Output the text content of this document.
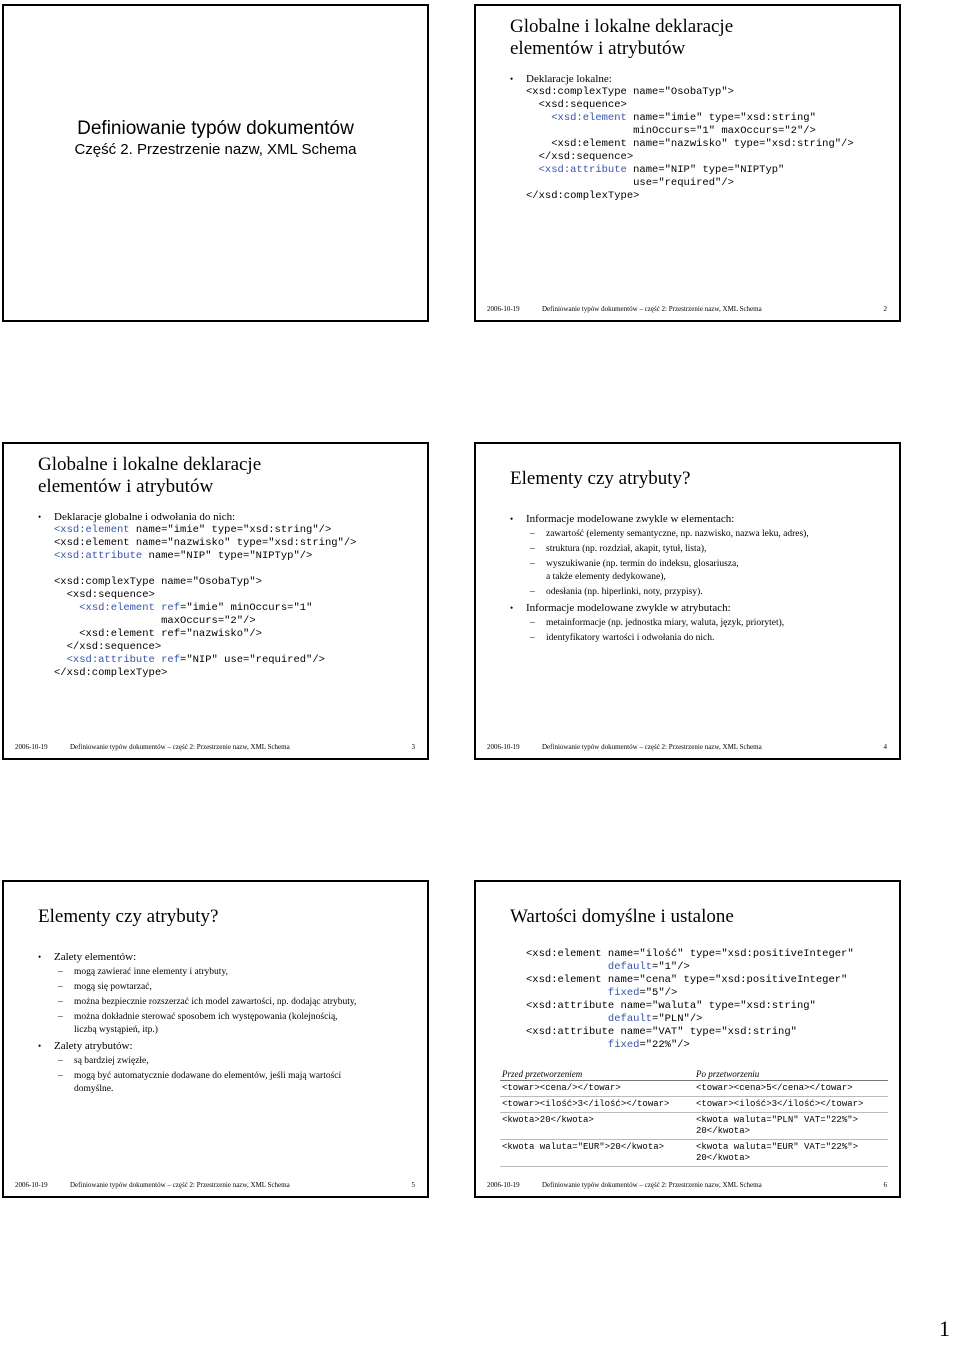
Definiowanie typów dokumentów
Część 2. Przestrzenie nazw, XML Schema
Globalne i lokalne deklaracje
elementów i atrybutów
• Deklaracje lokalne:
<xsd:complexType name="OsobaTyp">
<xsd:sequence>
<xsd:element name="imie" type="xsd:string"
minOccurs="1" maxOccurs="2"/>
<xsd:element name="nazwisko" type="xsd:string"/>
</xsd:sequence>
<xsd:attribute name="NIP" type="NIPTyp"
use="required"/>
</xsd:complexType>
2006-10-19	Definiowanie typów dokumentów – część 2: Przestrzenie nazw, XML Schema	2
Globalne i lokalne deklaracje
elementów i atrybutów
• Deklaracje globalne i odwołania do nich:
<xsd:element name="imie" type="xsd:string"/>
<xsd:element name="nazwisko" type="xsd:string"/>
<xsd:attribute name="NIP" type="NIPTyp"/>

<xsd:complexType name="OsobaTyp">
<xsd:sequence>
<xsd:element ref="imie" minOccurs="1"
maxOccurs="2"/>
<xsd:element ref="nazwisko"/>
</xsd:sequence>
<xsd:attribute ref="NIP" use="required"/>
</xsd:complexType>
2006-10-19	Definiowanie typów dokumentów – część 2: Przestrzenie nazw, XML Schema	3
Elementy czy atrybuty?
• Informacje modelowane zwykle w elementach:
– zawartość (elementy semantyczne, np. nazwisko, nazwa leku, adres),
– struktura (np. rozdział, akapit, tytuł, lista),
– wyszukiwanie (np. termin do indeksu, glosariusza,
a także elementy dedykowane),
– odesłania (np. hiperlinki, noty, przypisy).
• Informacje modelowane zwykle w atrybutach:
– metainformacje (np. jednostka miary, waluta, język, priorytet),
– identyfikatory wartości i odwołania do nich.
2006-10-19	Definiowanie typów dokumentów – część 2: Przestrzenie nazw, XML Schema	4
Elementy czy atrybuty?
• Zalety elementów:
– mogą zawierać inne elementy i atrybuty,
– mogą się powtarzać,
– można bezpiecznie rozszerzać ich model zawartości, np. dodając atrybuty,
– można dokładnie sterować sposobem ich występowania (kolejnością,
liczbą wystąpień, itp.)
• Zalety atrybutów:
– są bardziej zwięzłe,
– mogą być automatycznie dodawane do elementów, jeśli mają wartości
domyślne.
2006-10-19	Definiowanie typów dokumentów – część 2: Przestrzenie nazw, XML Schema	5
Wartości domyślne i ustalone
<xsd:element name="ilość" type="xsd:positiveInteger"
default="1"/>
<xsd:element name="cena" type="xsd:positiveInteger"
fixed="5"/>
<xsd:attribute name="waluta" type="xsd:string"
default="PLN"/>
<xsd:attribute name="VAT" type="xsd:string"
fixed="22%"/>
Przed przetworzeniem	Po przetworzeniu
<towar><cena/></towar>	<towar><cena>5</cena></towar>
<towar><ilość>3</ilość></towar>	<towar><ilość>3</ilość></towar>
<kwota>20</kwota>	<kwota waluta="PLN" VAT="22%">
20</kwota>
<kwota waluta="EUR">20</kwota>	<kwota waluta="EUR" VAT="22%">
20</kwota>
2006-10-19	Definiowanie typów dokumentów – część 2: Przestrzenie nazw, XML Schema	6
1
